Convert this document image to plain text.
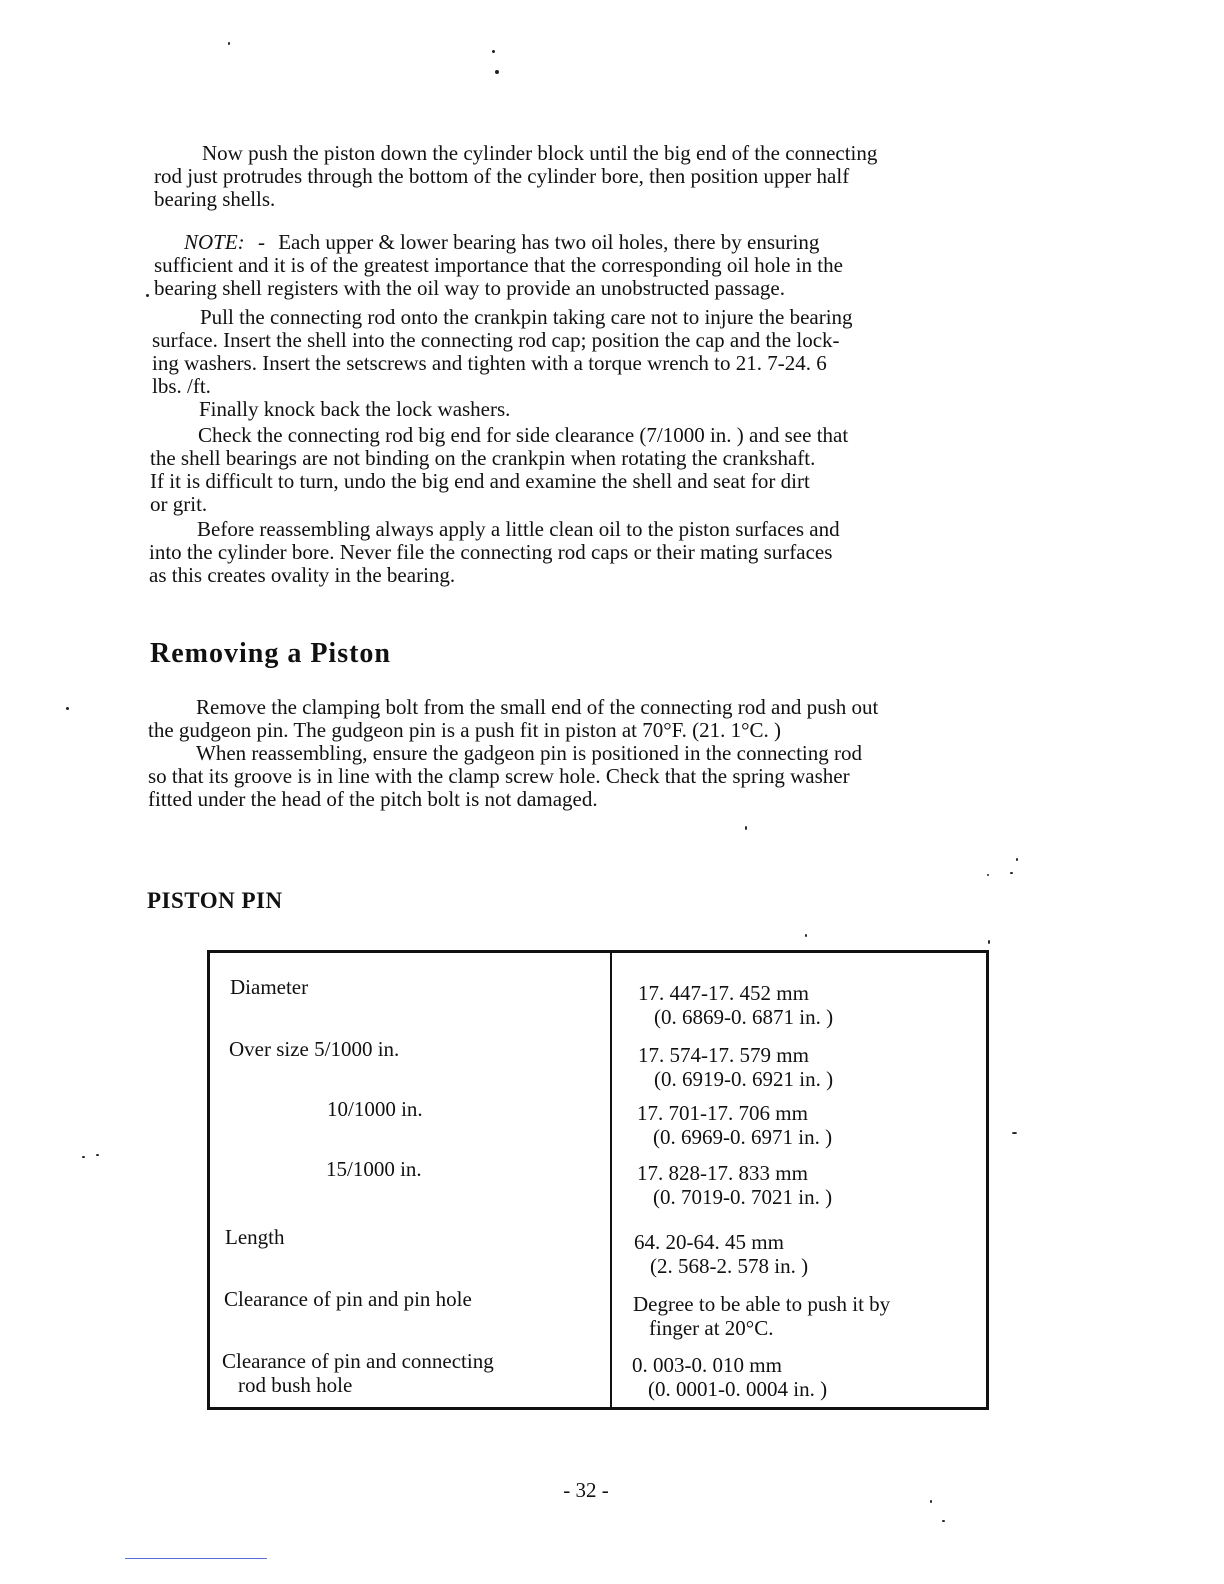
Now push the piston down the cylinder block until the big end of the connecting
rod just protrudes through the bottom of the cylinder bore, then position upper half
bearing shells.

NOTE: - Each upper & lower bearing has two oil holes, there by ensuring
sufficient and it is of the greatest importance that the corresponding oil hole in the
bearing shell registers with the oil way to provide an unobstructed passage.

Pull the connecting rod onto the crankpin taking care not to injure the bearing
surface. Insert the shell into the connecting rod cap; position the cap and the lock-
ing washers. Insert the setscrews and tighten with a torque wrench to 21. 7-24. 6
lbs. /ft.

Finally knock back the lock washers.

Check the connecting rod big end for side clearance (7/1000 in. ) and see that
the shell bearings are not binding on the crankpin when rotating the crankshaft.
If it is difficult to turn, undo the big end and examine the shell and seat for dirt
or grit.

Before reassembling always apply a little clean oil to the piston surfaces and
into the cylinder bore. Never file the connecting rod caps or their mating surfaces
as this creates ovality in the bearing.

Removing a Piston

Remove the clamping bolt from the small end of the connecting rod and push out
the gudgeon pin. The gudgeon pin is a push fit in piston at 70°F. (21. 1°C. )

When reassembling, ensure the gadgeon pin is positioned in the connecting rod
so that its groove is in line with the clamp screw hole. Check that the spring washer
fitted under the head of the pitch bolt is not damaged.

PISTON PIN
Diameter	17. 447-17. 452 mm
(0. 6869-0. 6871 in. )
Over size 5/1000 in.	17. 574-17. 579 mm
(0. 6919-0. 6921 in. )
10/1000 in.	17. 701-17. 706 mm
(0. 6969-0. 6971 in. )
15/1000 in.	17. 828-17. 833 mm
(0. 7019-0. 7021 in. )
Length	64. 20-64. 45 mm
(2. 568-2. 578 in. )
Clearance of pin and pin hole	Degree to be able to push it by
finger at 20°C.
Clearance of pin and connecting
rod bush hole
0. 003-0. 010 mm
(0. 0001-0. 0004 in. )
- 32 -
